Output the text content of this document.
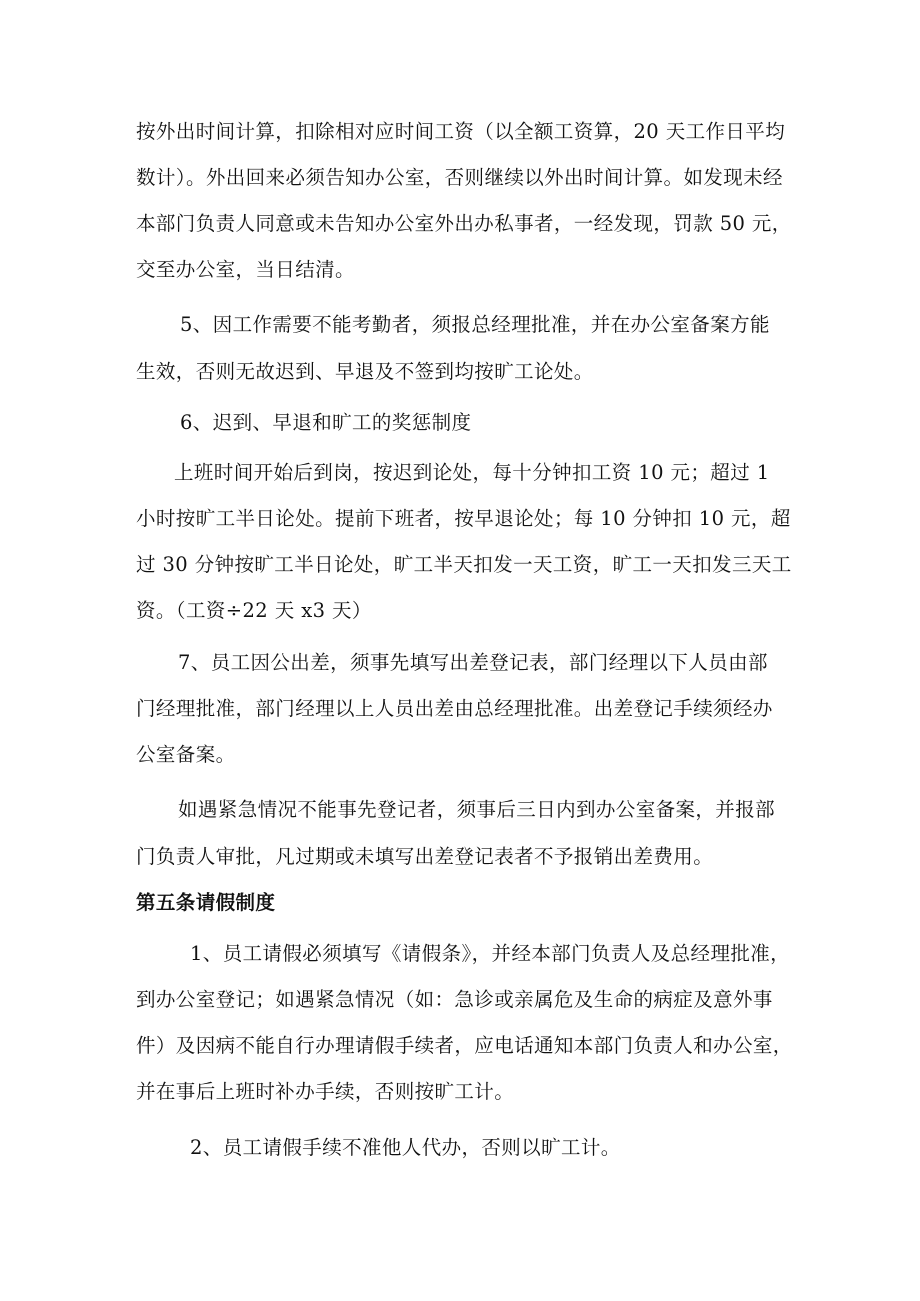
按外出时间计算，扣除相对应时间工资（以全额工资算，20 天工作日平均
数计）。外出回来必须告知办公室，否则继续以外出时间计算。如发现未经
本部门负责人同意或未告知办公室外出办私事者，一经发现，罚款 50 元，
交至办公室，当日结清。
5、因工作需要不能考勤者，须报总经理批准，并在办公室备案方能
生效，否则无故迟到、早退及不签到均按旷工论处。
6、迟到、早退和旷工的奖惩制度
上班时间开始后到岗，按迟到论处，每十分钟扣工资 10 元；超过 1
小时按旷工半日论处。提前下班者，按早退论处；每 10 分钟扣 10 元，超
过 30 分钟按旷工半日论处，旷工半天扣发一天工资，旷工一天扣发三天工
资。（工资÷22 天 x3 天）
7、员工因公出差，须事先填写出差登记表，部门经理以下人员由部
门经理批准，部门经理以上人员出差由总经理批准。出差登记手续须经办
公室备案。
如遇紧急情况不能事先登记者，须事后三日内到办公室备案，并报部
门负责人审批，凡过期或未填写出差登记表者不予报销出差费用。
第五条请假制度
1、员工请假必须填写《请假条》，并经本部门负责人及总经理批准，
到办公室登记；如遇紧急情况（如：急诊或亲属危及生命的病症及意外事
件）及因病不能自行办理请假手续者，应电话通知本部门负责人和办公室，
并在事后上班时补办手续，否则按旷工计。
2、员工请假手续不准他人代办，否则以旷工计。
